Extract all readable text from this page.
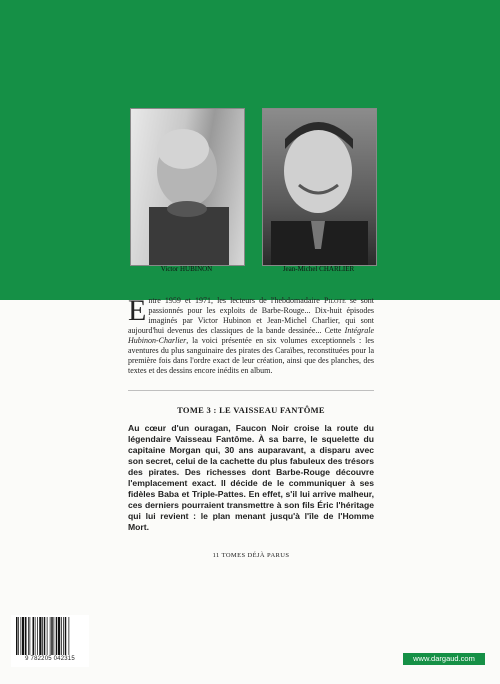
Victor HUBINON	Jean-Michel CHARLIER
Entre 1959 et 1971, les lecteurs de l'hebdomadaire Pilote se sont passionnés pour les exploits de Barbe-Rouge... Dix-huit épisodes imaginés par Victor Hubinon et Jean-Michel Charlier, qui sont aujourd'hui devenus des classiques de la bande dessinée... Cette Intégrale Hubinon-Charlier, la voici présentée en six volumes exceptionnels : les aventures du plus sanguinaire des pirates des Caraïbes, reconstituées pour la première fois dans l'ordre exact de leur création, ainsi que des planches, des textes et des dessins encore inédits en album.
TOME 3 : LE VAISSEAU FANTÔME
Au cœur d'un ouragan, Faucon Noir croise la route du légendaire Vaisseau Fantôme. À sa barre, le squelette du capitaine Morgan qui, 30 ans auparavant, a disparu avec son secret, celui de la cachette du plus fabuleux des trésors des pirates. Des richesses dont Barbe-Rouge découvre l'emplacement exact. Il décide de le communiquer à ses fidèles Baba et Triple-Pattes. En effet, s'il lui arrive malheur, ces derniers pourraient transmettre à son fils Éric l'héritage qui lui revient : le plan menant jusqu'à l'île de l'Homme Mort.
11 TOMES DÉJÀ PARUS
9 782205 042315	www.dargaud.com
